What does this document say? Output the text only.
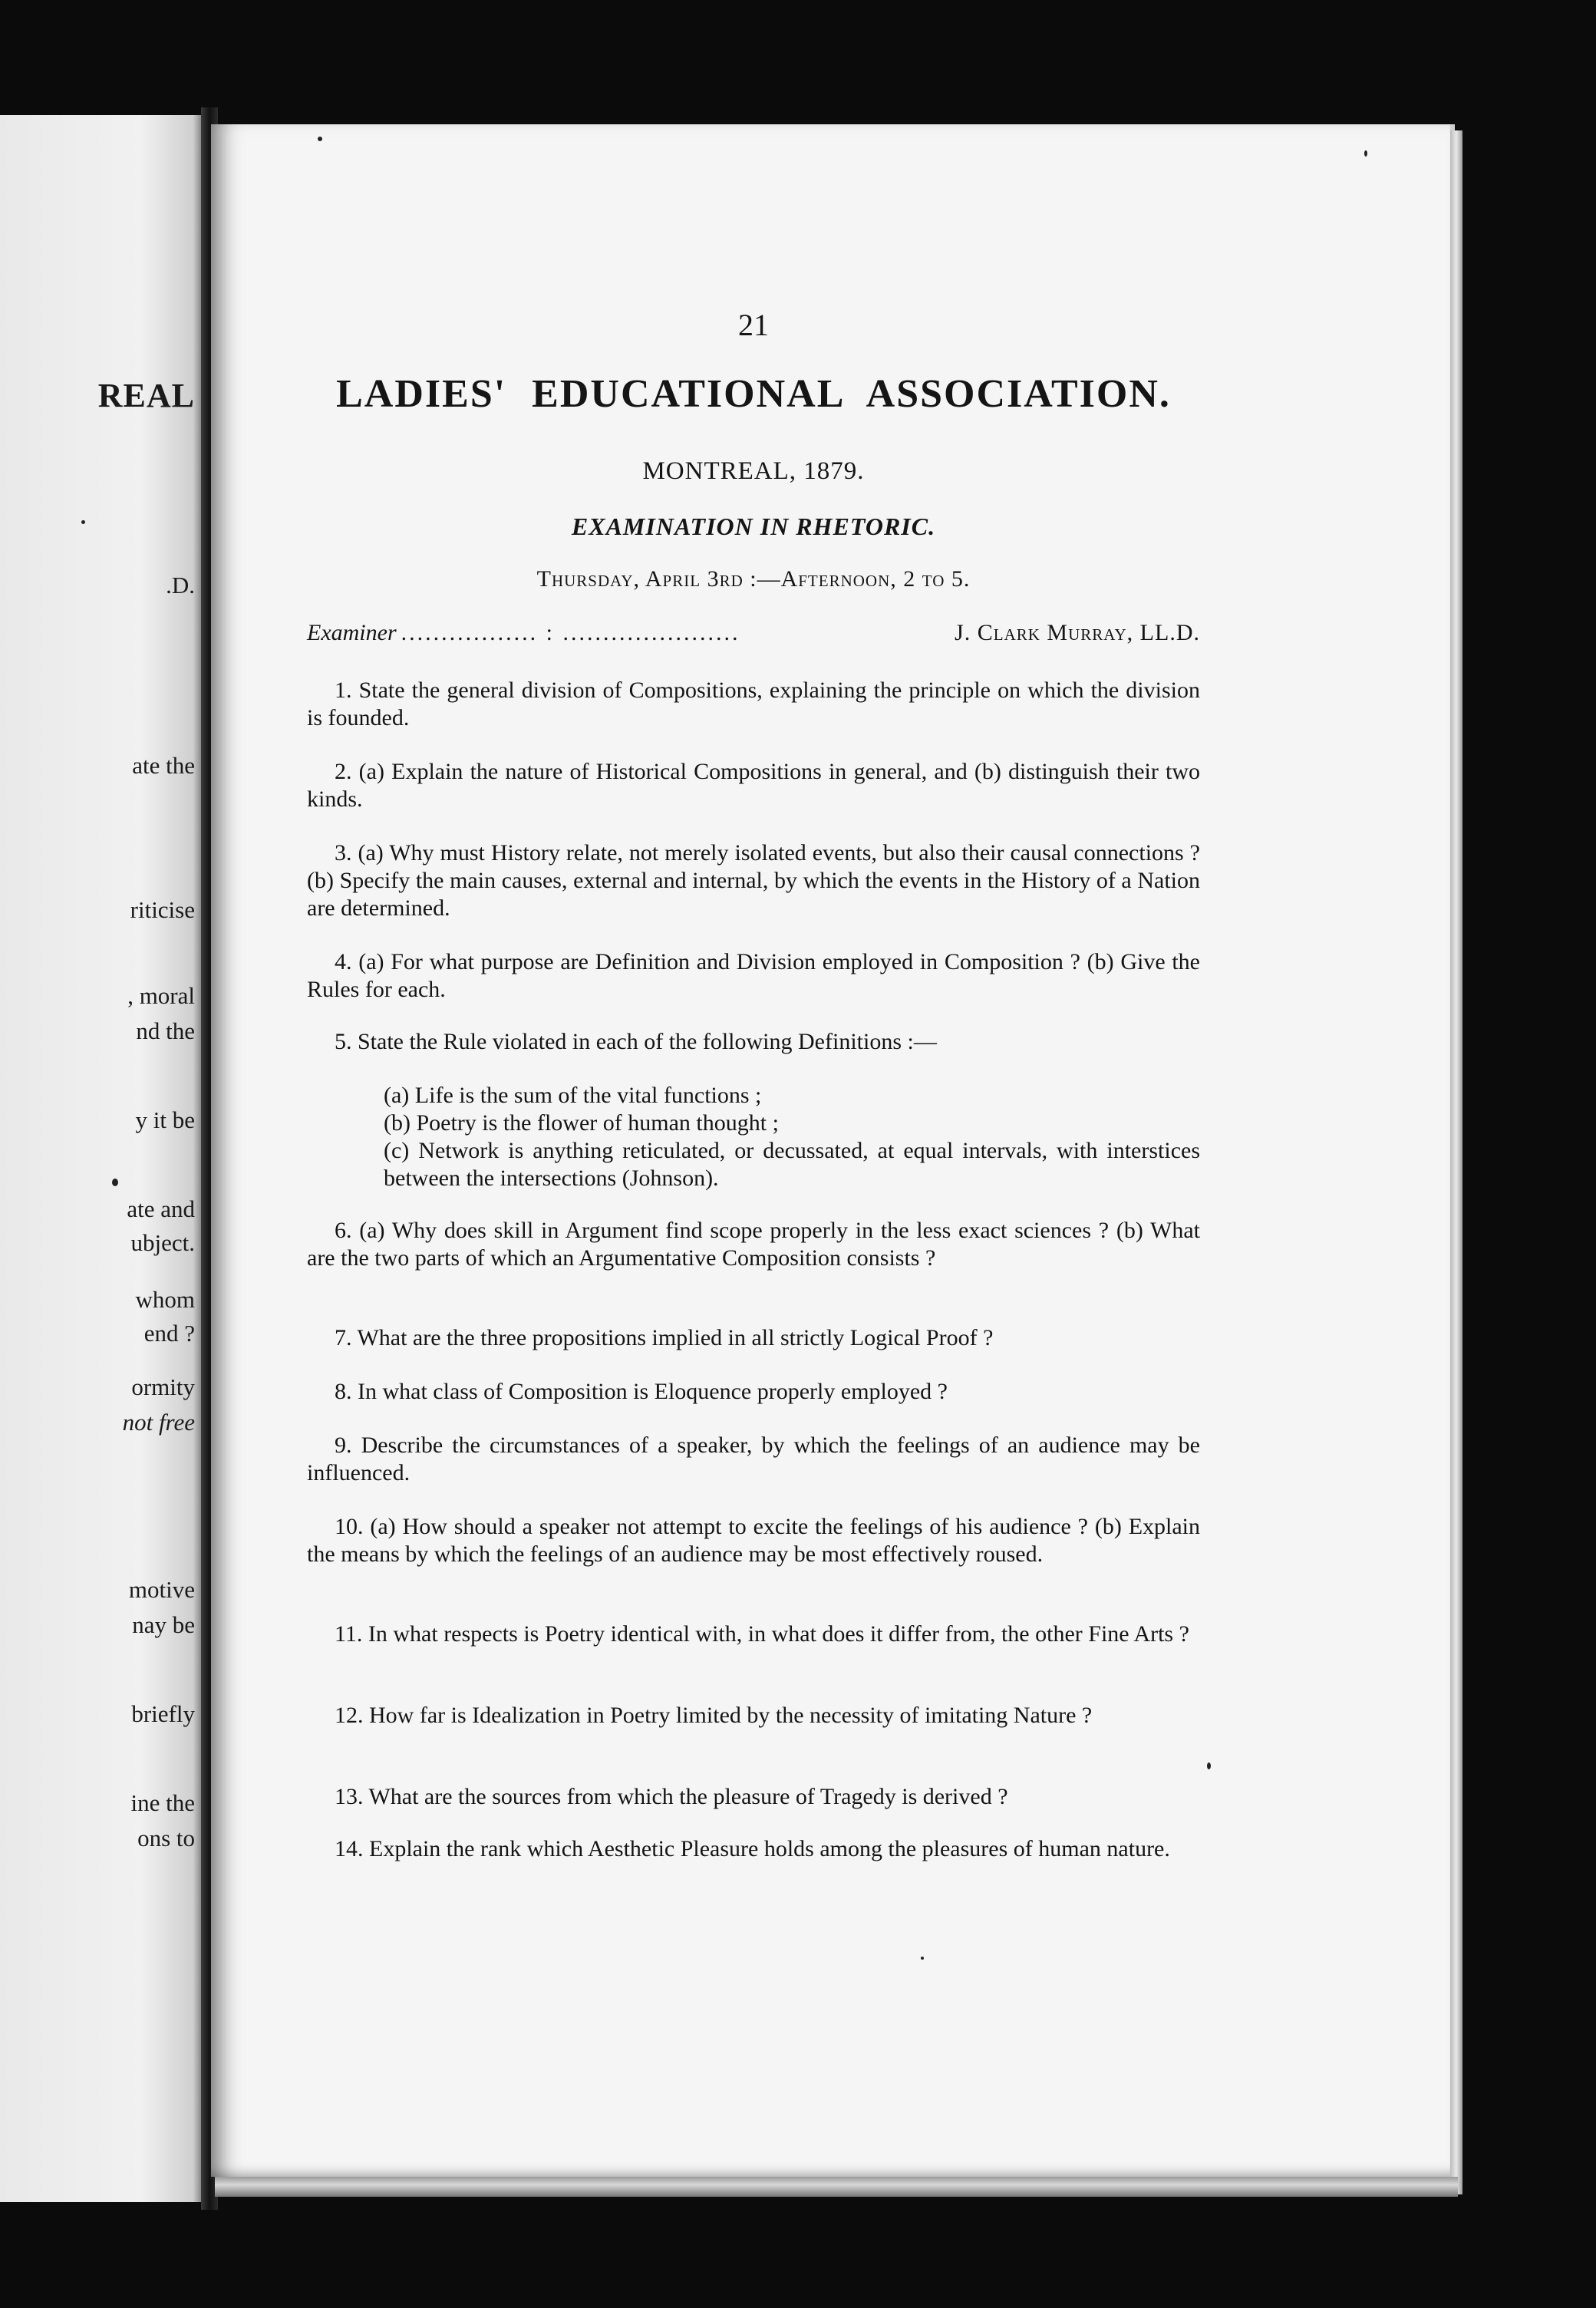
REAL
.D.
ate the
riticise
, moral
nd the
y it be
ate and
ubject.
whom
end ?
ormity
not free
motive
nay be
briefly
ine the
ons to
21
LADIES' EDUCATIONAL ASSOCIATION.
MONTREAL, 1879.
EXAMINATION IN RHETORIC.
Thursday, April 3rd :—Afternoon, 2 to 5.
Examiner ................. : ......................	J. Clark Murray, LL.D.
1. State the general division of Compositions, explaining the principle on which the division is founded.
2. (a) Explain the nature of Historical Compositions in general, and (b) distinguish their two kinds.
3. (a) Why must History relate, not merely isolated events, but also their causal connections ? (b) Specify the main causes, external and internal, by which the events in the History of a Nation are determined.
4. (a) For what purpose are Definition and Division employed in Composition ? (b) Give the Rules for each.
5. State the Rule violated in each of the following Definitions :—
(a) Life is the sum of the vital functions ;
(b) Poetry is the flower of human thought ;
(c) Network is anything reticulated, or decussated, at equal intervals, with interstices between the intersections (Johnson).
6. (a) Why does skill in Argument find scope properly in the less exact sciences ? (b) What are the two parts of which an Argumentative Composition consists ?
7. What are the three propositions implied in all strictly Logical Proof ?
8. In what class of Composition is Eloquence properly employed ?
9. Describe the circumstances of a speaker, by which the feelings of an audience may be influenced.
10. (a) How should a speaker not attempt to excite the feelings of his audience ? (b) Explain the means by which the feelings of an audience may be most effectively roused.
11. In what respects is Poetry identical with, in what does it differ from, the other Fine Arts ?
12. How far is Idealization in Poetry limited by the necessity of imitating Nature ?
13. What are the sources from which the pleasure of Tragedy is derived ?
14. Explain the rank which Aesthetic Pleasure holds among the pleasures of human nature.
